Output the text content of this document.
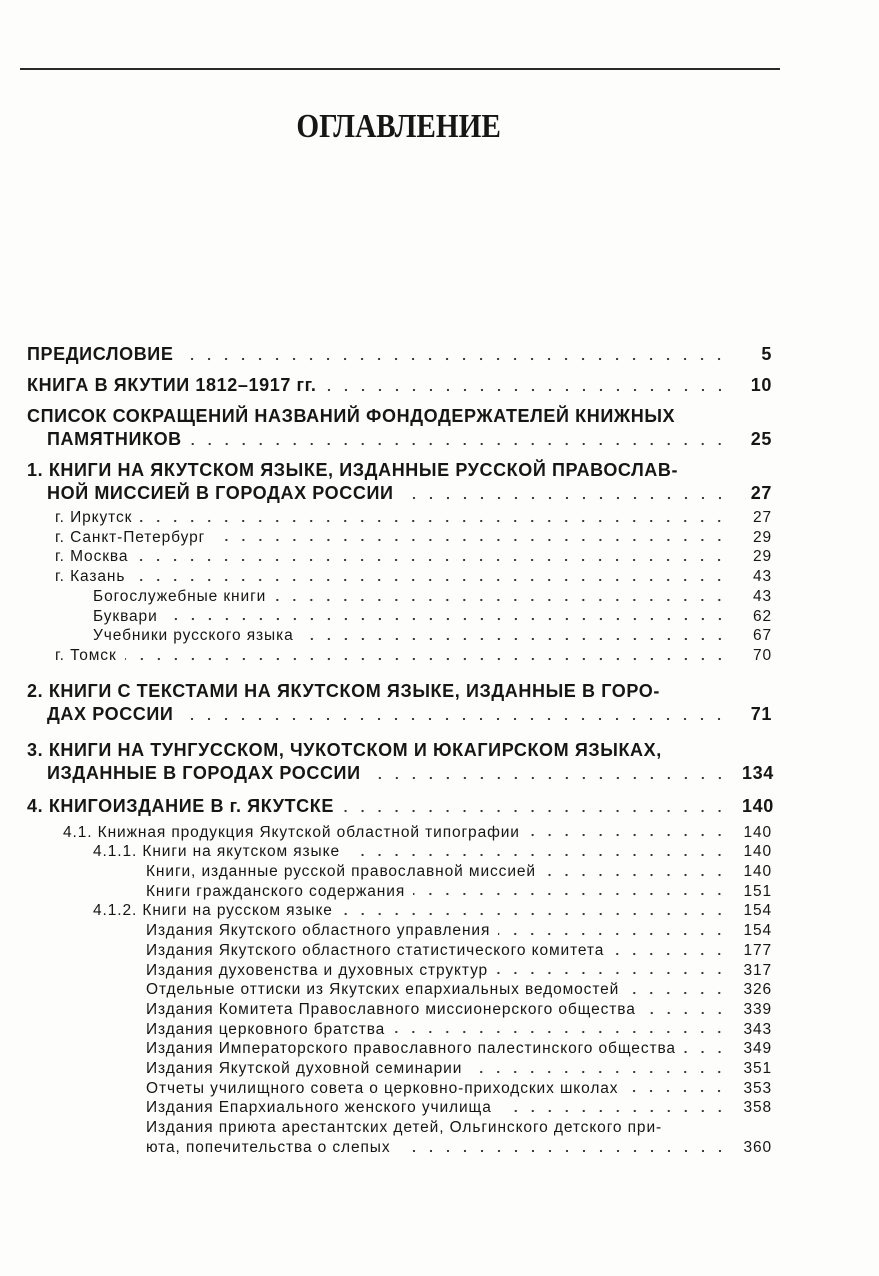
ОГЛАВЛЕНИЕ
ПРЕДИСЛОВИЕ	5
КНИГА В ЯКУТИИ 1812–1917 гг.	10
СПИСОК СОКРАЩЕНИЙ НАЗВАНИЙ ФОНДОДЕРЖАТЕЛЕЙ КНИЖНЫХ
ПАМЯТНИКОВ	25
1. КНИГИ НА ЯКУТСКОМ ЯЗЫКЕ, ИЗДАННЫЕ РУССКОЙ ПРАВОСЛАВ-
НОЙ МИССИЕЙ В ГОРОДАХ РОССИИ	27
г. Иркутск	27
г. Санкт-Петербург	29
г. Москва	29
г. Казань	43
Богослужебные книги	43
Буквари	62
Учебники русского языка	67
г. Томск	70
2. КНИГИ С ТЕКСТАМИ НА ЯКУТСКОМ ЯЗЫКЕ, ИЗДАННЫЕ В ГОРО-
ДАХ РОССИИ	71
3. КНИГИ НА ТУНГУССКОМ, ЧУКОТСКОМ И ЮКАГИРСКОМ ЯЗЫКАХ,
ИЗДАННЫЕ В ГОРОДАХ РОССИИ	134
4. КНИГОИЗДАНИЕ В г. ЯКУТСКЕ	140
4.1. Книжная продукция Якутской областной типографии	140
4.1.1. Книги на якутском языке	140
Книги, изданные русской православной миссией	140
Книги гражданского содержания	151
4.1.2. Книги на русском языке	154
Издания Якутского областного управления	154
Издания Якутского областного статистического комитета	177
Издания духовенства и духовных структур	317
Отдельные оттиски из Якутских епархиальных ведомостей	326
Издания Комитета Православного миссионерского общества	339
Издания церковного братства	343
Издания Императорского православного палестинского общества	349
Издания Якутской духовной семинарии	351
Отчеты училищного совета о церковно-приходских школах	353
Издания Епархиального женского училища	358
Издания приюта арестантских детей, Ольгинского детского при-
юта, попечительства о слепых	360
